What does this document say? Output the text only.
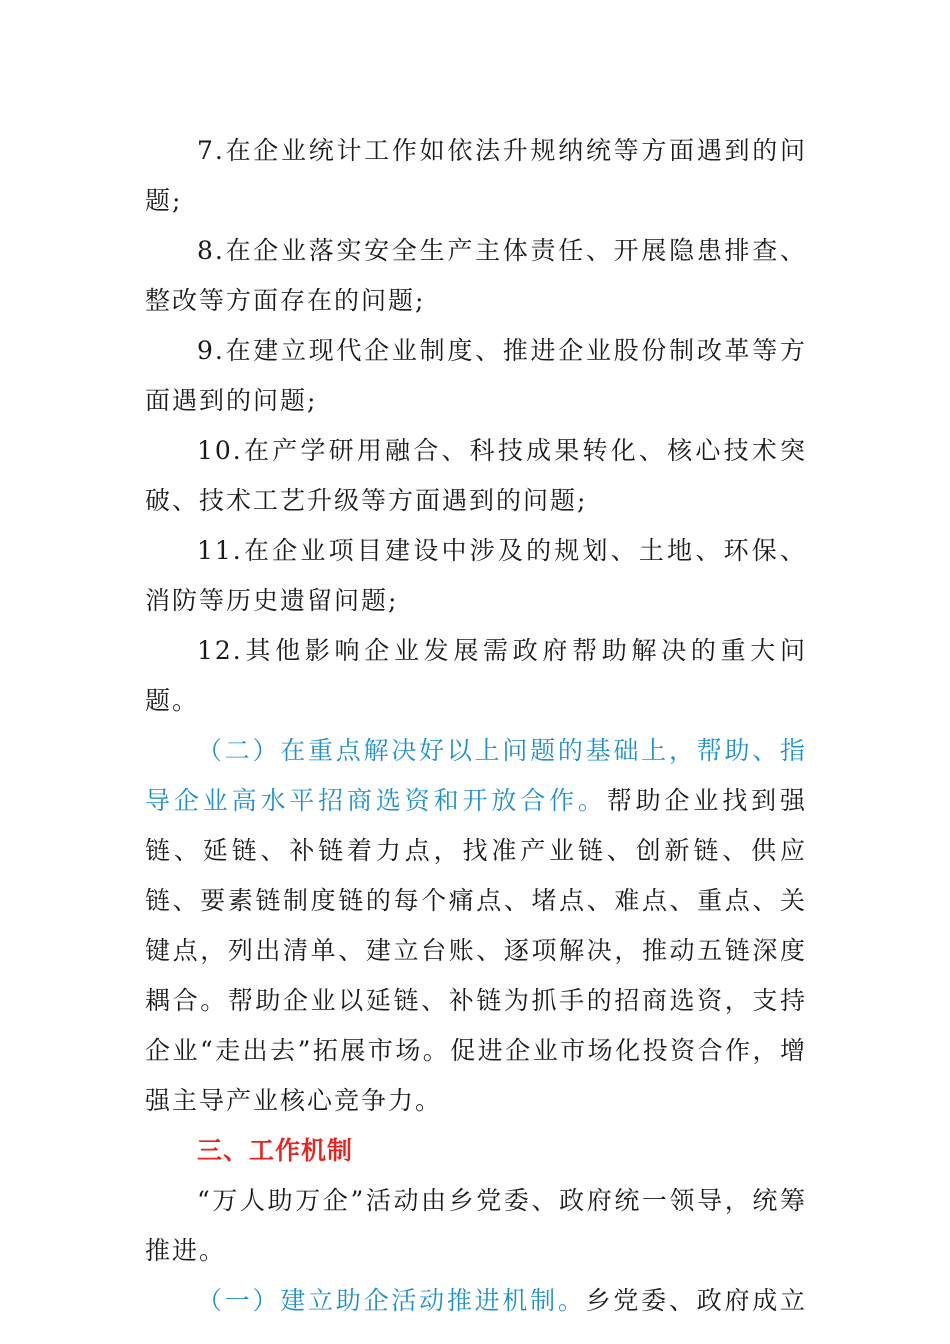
7.在企业统计工作如依法升规纳统等方面遇到的问题;

8.在企业落实安全生产主体责任、开展隐患排查、整改等方面存在的问题;

9.在建立现代企业制度、推进企业股份制改革等方面遇到的问题;

10.在产学研用融合、科技成果转化、核心技术突破、技术工艺升级等方面遇到的问题;

11.在企业项目建设中涉及的规划、土地、环保、消防等历史遗留问题;

12.其他影响企业发展需政府帮助解决的重大问题。

（二）在重点解决好以上问题的基础上，帮助、指导企业高水平招商选资和开放合作。帮助企业找到强链、延链、补链着力点，找准产业链、创新链、供应链、要素链制度链的每个痛点、堵点、难点、重点、关键点，列出清单、建立台账、逐项解决，推动五链深度耦合。帮助企业以延链、补链为抓手的招商选资，支持企业“走出去”拓展市场。促进企业市场化投资合作，增强主导产业核心竞争力。

三、工作机制

“万人助万企”活动由乡党委、政府统一领导，统筹推进。

（一）建立助企活动推进机制。乡党委、政府成立
